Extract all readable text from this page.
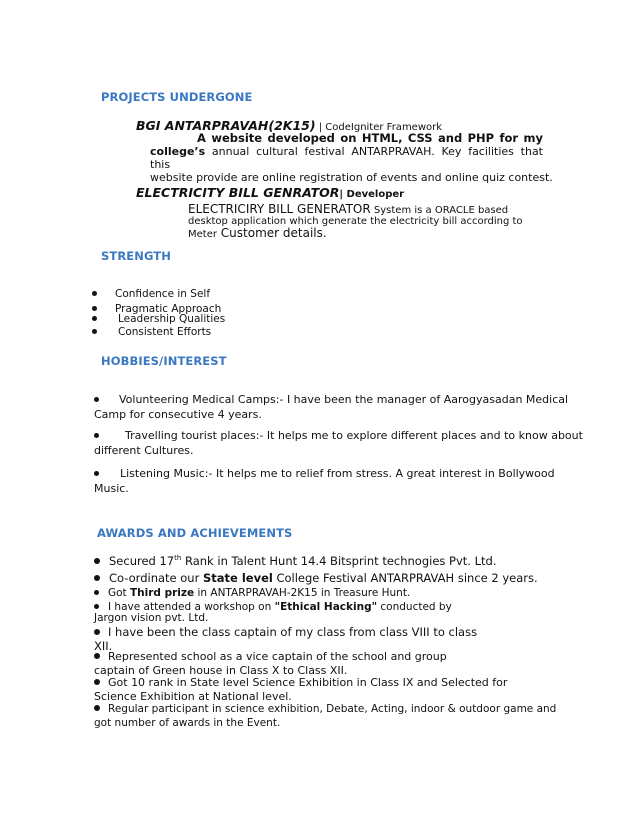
PROJECTS UNDERGONE
BGI ANTARPRAVAH(2K15) | CodeIgniter Framework
A website developed on HTML, CSS and PHP for my
college’s annual cultural festival ANTARPRAVAH. Key facilities that this
website provide are online registration of events and online quiz contest.
ELECTRICITY BILL GENRATOR| Developer
ELECTRICIRY BILL GENERATOR System is a ORACLE based
desktop application which generate the electricity bill according to
Meter Customer details.
STRENGTH
Confidence in Self
Pragmatic Approach
Leadership Qualities
Consistent Efforts
HOBBIES/INTEREST
Volunteering Medical Camps:- I have been the manager of Aarogyasadan Medical
Camp for consecutive 4 years.
Travelling tourist places:- It helps me to explore different places and to know about
different Cultures.
Listening Music:- It helps me to relief from stress. A great interest in Bollywood
Music.
AWARDS AND ACHIEVEMENTS
Secured 17th Rank in Talent Hunt 14.4 Bitsprint technogies Pvt. Ltd.
Co-ordinate our State level College Festival ANTARPRAVAH since 2 years.
Got Third prize in ANTARPRAVAH-2K15 in Treasure Hunt.
I have attended a workshop on "Ethical Hacking" conducted by
Jargon vision pvt. Ltd.
I have been the class captain of my class from class VIII to class
XII.
Represented school as a vice captain of the school and group
captain of Green house in Class X to Class XII.
Got 10 rank in State level Science Exhibition in Class IX and Selected for
Science Exhibition at National level.
Regular participant in science exhibition, Debate, Acting, indoor & outdoor game and
got number of awards in the Event.
